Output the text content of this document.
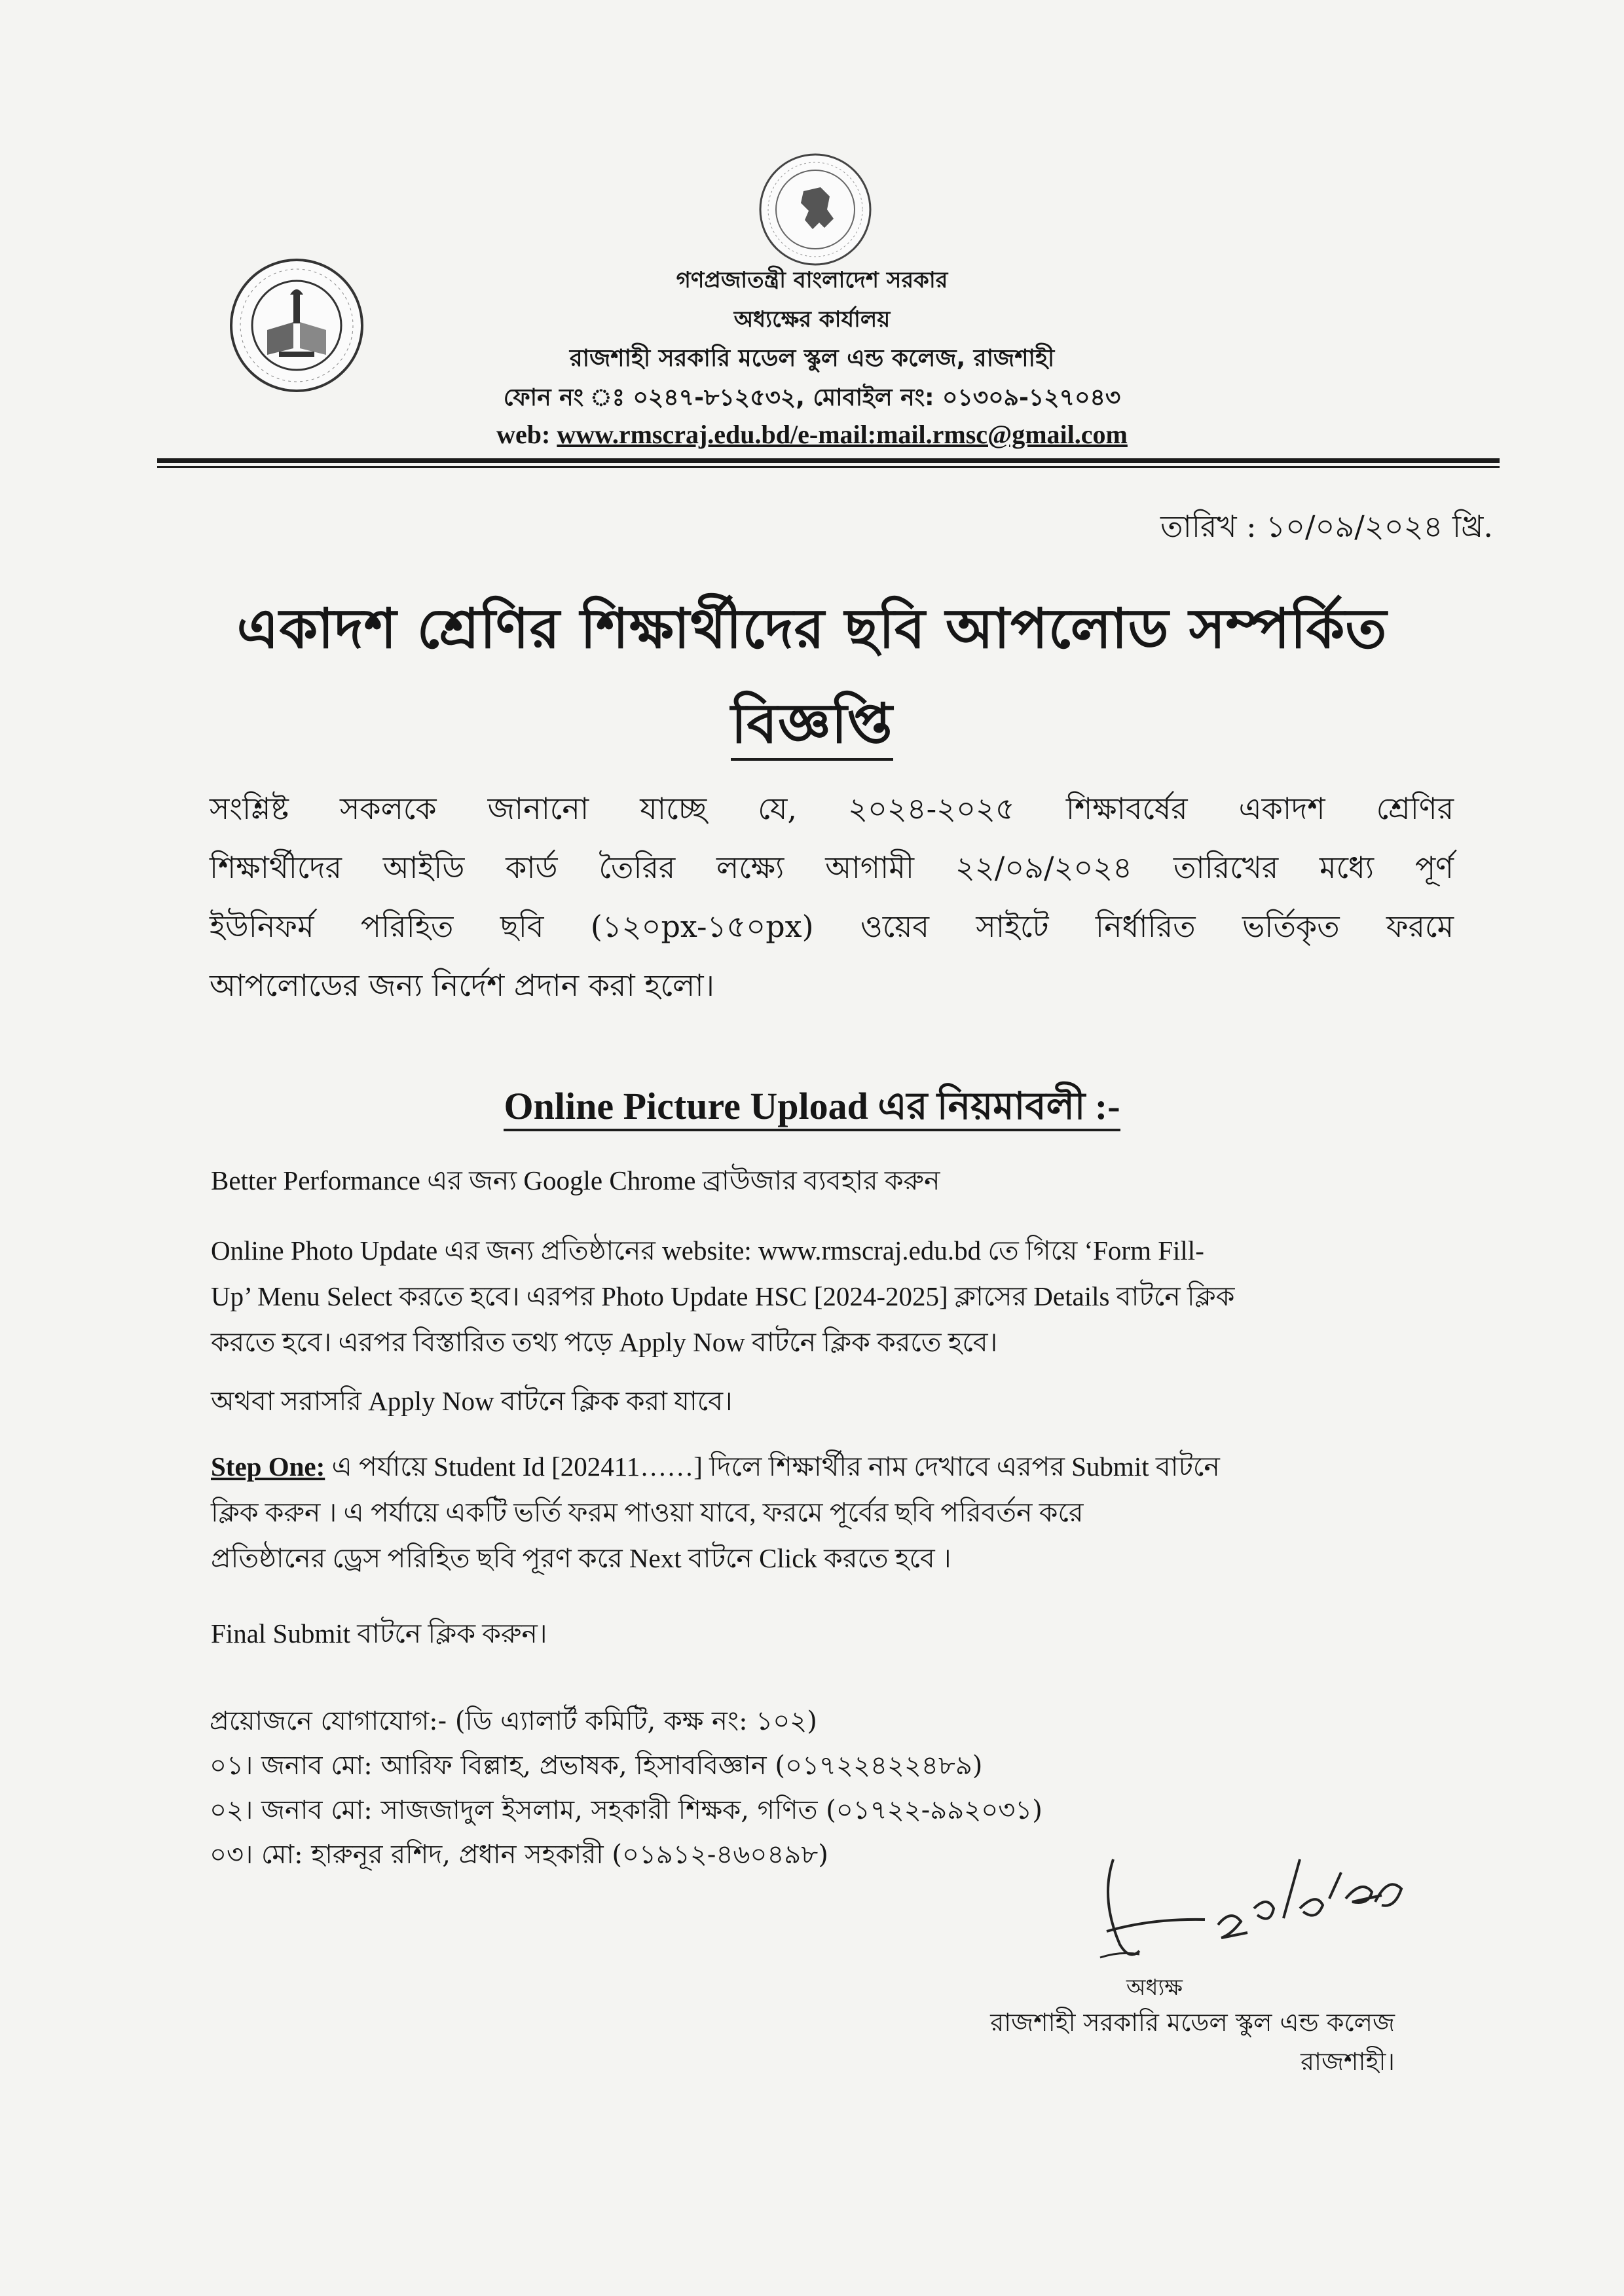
গণপ্রজাতন্ত্রী বাংলাদেশ সরকার
অধ্যক্ষের কার্যালয়
রাজশাহী সরকারি মডেল স্কুল এন্ড কলেজ, রাজশাহী
ফোন নং ঃ ০২৪৭-৮১২৫৩২, মোবাইল নং: ০১৩০৯-১২৭০৪৩
web: www.rmscraj.edu.bd/e-mail:mail.rmsc@gmail.com
তারিখ : ১০/০৯/২০২৪ খ্রি.
একাদশ শ্রেণির শিক্ষার্থীদের ছবি আপলোড সম্পর্কিত
বিজ্ঞপ্তি
সংশ্লিষ্ট সকলকে জানানো যাচ্ছে যে, ২০২৪-২০২৫ শিক্ষাবর্ষের একাদশ শ্রেণির
শিক্ষার্থীদের আইডি কার্ড তৈরির লক্ষ্যে আগামী ২২/০৯/২০২৪ তারিখের মধ্যে পূর্ণ
ইউনিফর্ম পরিহিত ছবি (১২০px-১৫০px) ওয়েব সাইটে নির্ধারিত ভর্তিকৃত ফরমে
আপলোডের জন্য নির্দেশ প্রদান করা হলো।
Online Picture Upload এর নিয়মাবলী :-
Better Performance এর জন্য Google Chrome ব্রাউজার ব্যবহার করুন
Online Photo Update এর জন্য প্রতিষ্ঠানের website: www.rmscraj.edu.bd তে গিয়ে ‘Form Fill-
Up’ Menu Select করতে হবে। এরপর Photo Update HSC [2024-2025] ক্লাসের Details বাটনে ক্লিক
করতে হবে। এরপর বিস্তারিত তথ্য পড়ে Apply Now বাটনে ক্লিক করতে হবে।
অথবা সরাসরি Apply Now বাটনে ক্লিক করা যাবে।
Step One: এ পর্যায়ে Student Id [202411……] দিলে শিক্ষার্থীর নাম দেখাবে এরপর Submit বাটনে
ক্লিক করুন । এ পর্যায়ে একটি ভর্তি ফরম পাওয়া যাবে, ফরমে পূর্বের ছবি পরিবর্তন করে
প্রতিষ্ঠানের ড্রেস পরিহিত ছবি পূরণ করে Next বাটনে Click করতে হবে ।
Final Submit বাটনে ক্লিক করুন।
প্রয়োজনে যোগাযোগ:- (ডি এ্যালার্ট কমিটি, কক্ষ নং: ১০২)
০১। জনাব মো: আরিফ বিল্লাহ, প্রভাষক, হিসাববিজ্ঞান (০১৭২২৪২২৪৮৯)
০২। জনাব মো: সাজজাদুল ইসলাম, সহকারী শিক্ষক, গণিত (০১৭২২-৯৯২০৩১)
০৩। মো: হারুনূর রশিদ, প্রধান সহকারী (০১৯১২-৪৬০৪৯৮)
অধ্যক্ষ
রাজশাহী সরকারি মডেল স্কুল এন্ড কলেজ
রাজশাহী।
